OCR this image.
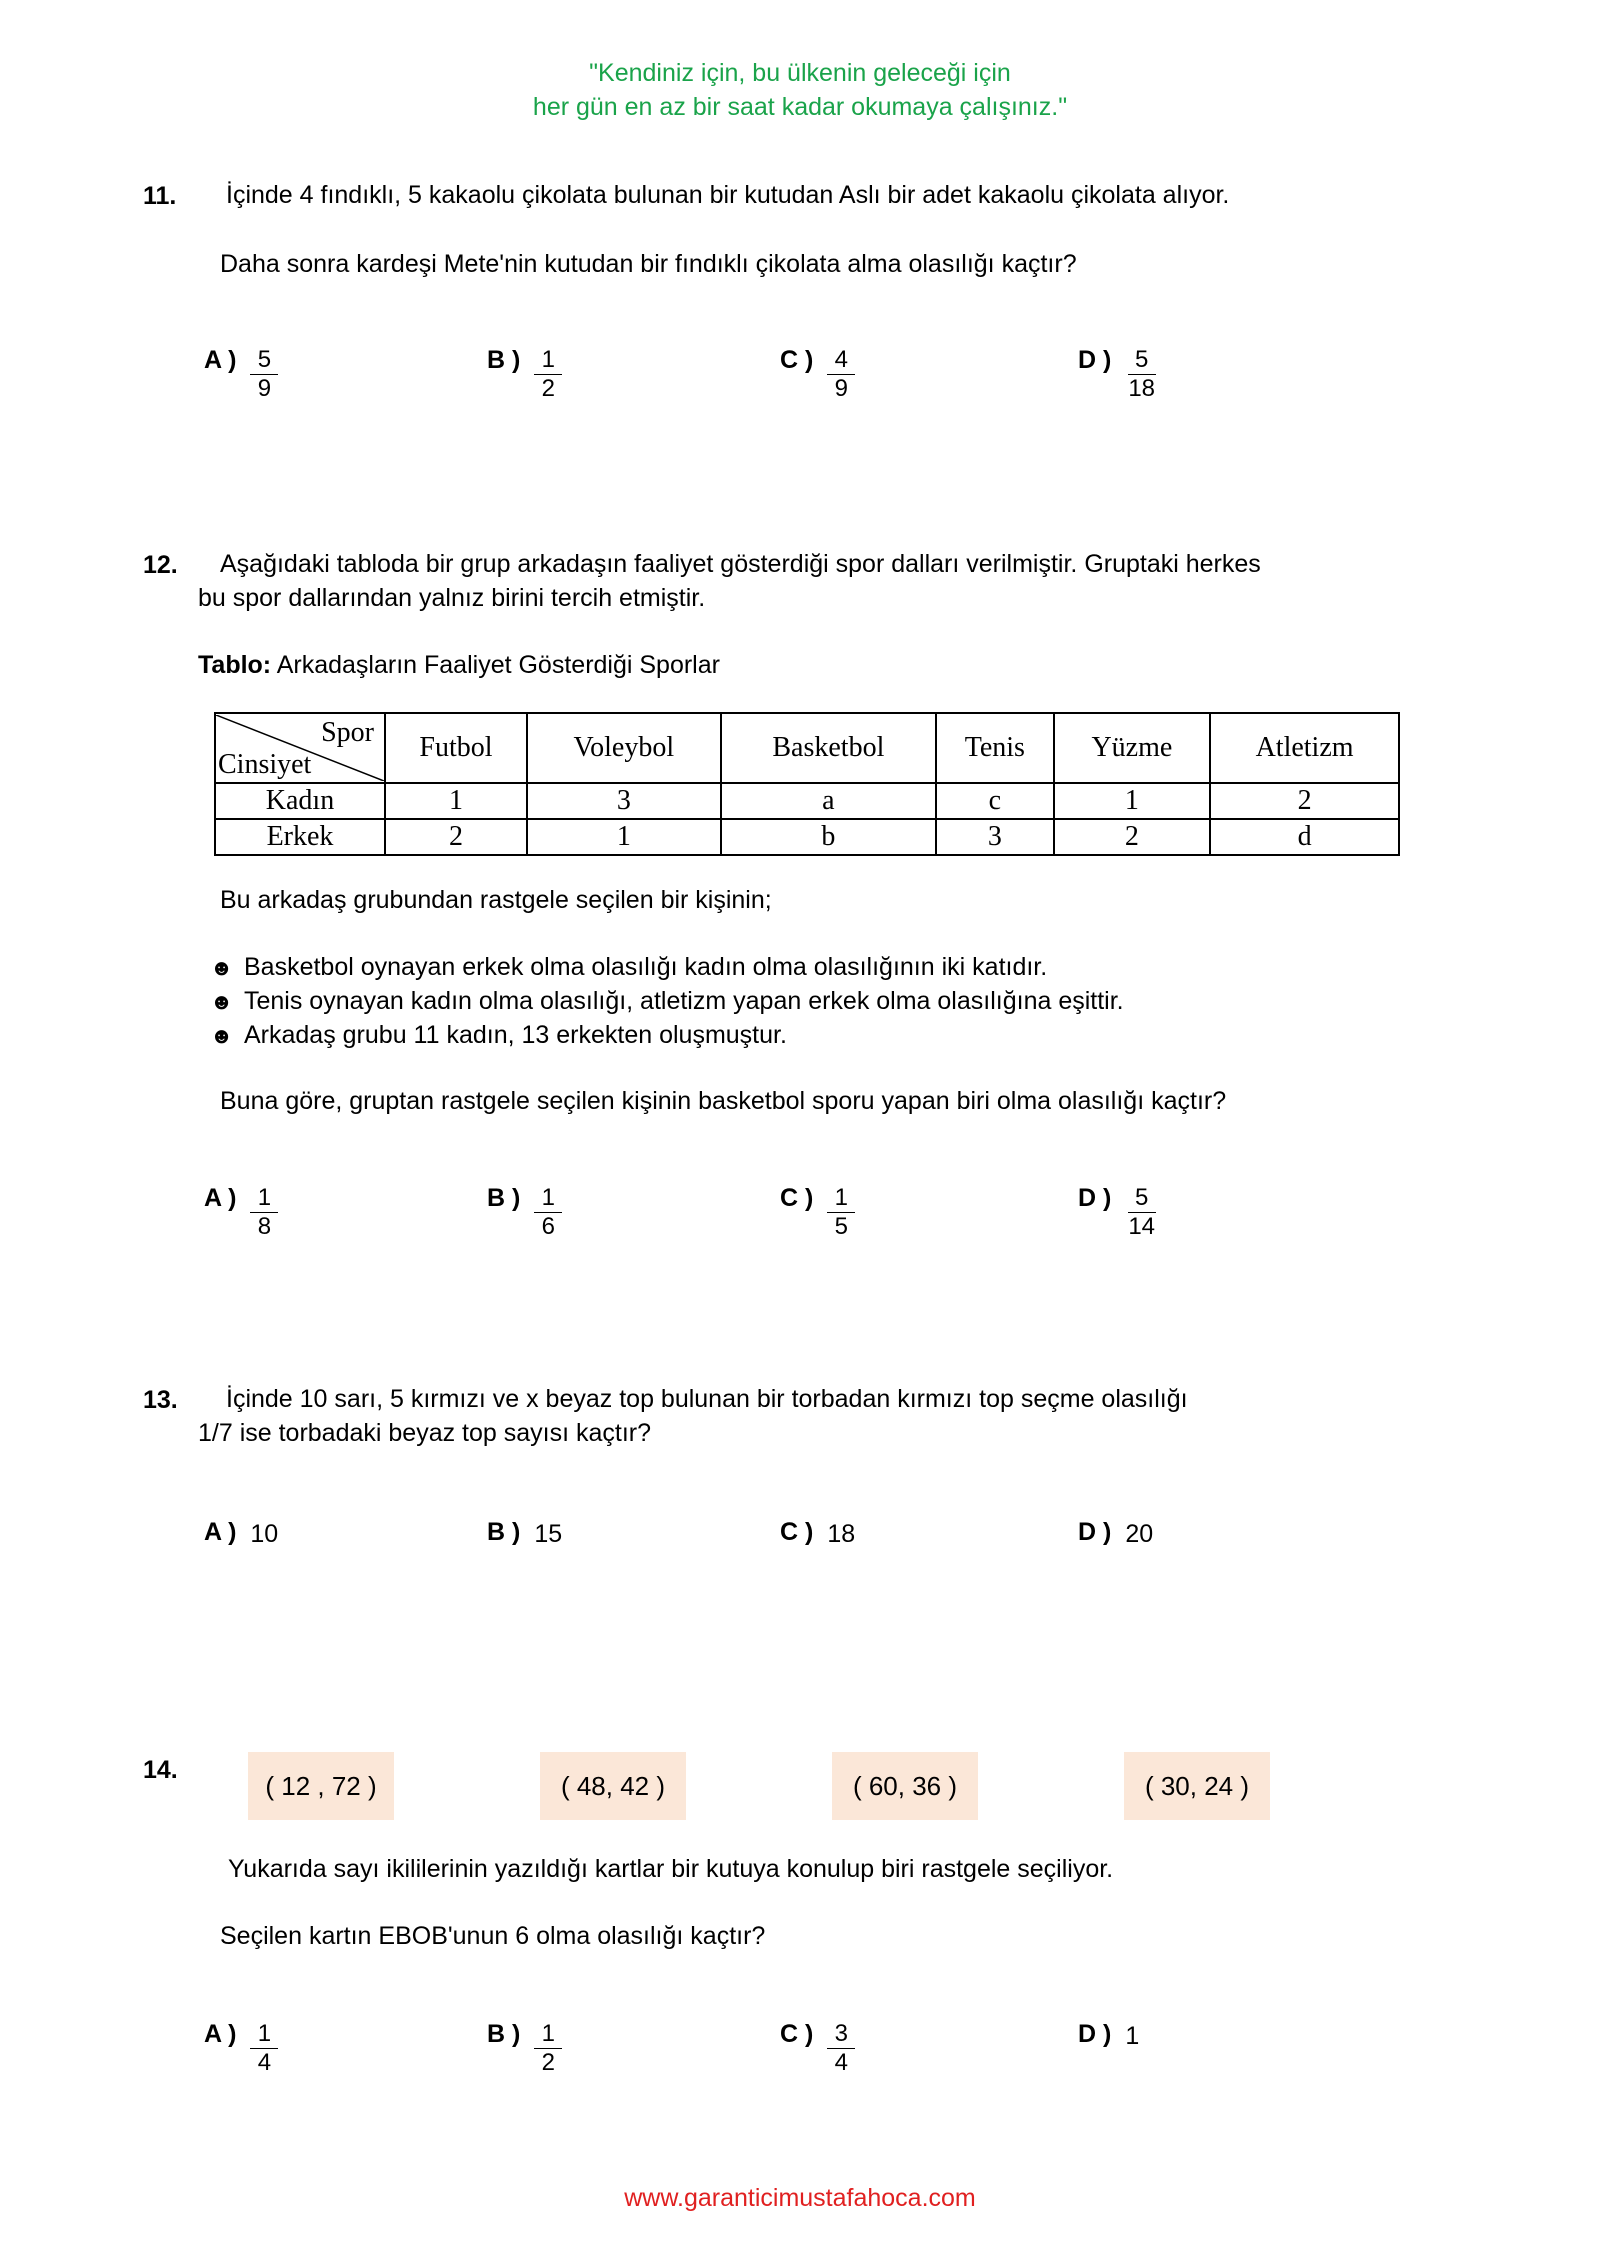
"Kendiniz için, bu ülkenin geleceği için
her gün en az bir saat kadar okumaya çalışınız."
11. İçinde 4 fındıklı, 5 kakaolu çikolata bulunan bir kutudan Aslı bir adet kakaolu çikolata alıyor.
Daha sonra kardeşi Mete'nin kutudan bir fındıklı çikolata alma olasılığı kaçtır?
A ) $\frac{5}{9}$	B ) $\frac{1}{2}$	C ) $\frac{4}{9}$	D ) $\frac{5}{18}$
12. Aşağıdaki tabloda bir grup arkadaşın faaliyet gösterdiği spor dalları verilmiştir. Gruptaki herkes
bu spor dallarından yalnız birini tercih etmiştir.
Tablo: Arkadaşların Faaliyet Gösterdiği Sporlar
Spor
Cinsiyet	Futbol	Voleybol	Basketbol	Tenis	Yüzme	Atletizm
Kadın	1	3	a	c	1	2
Erkek	2	1	b	3	2	d
Bu arkadaş grubundan rastgele seçilen bir kişinin;
☻ Basketbol oynayan erkek olma olasılığı kadın olma olasılığının iki katıdır.
☻ Tenis oynayan kadın olma olasılığı, atletizm yapan erkek olma olasılığına eşittir.
☻ Arkadaş grubu 11 kadın, 13 erkekten oluşmuştur.
Buna göre, gruptan rastgele seçilen kişinin basketbol sporu yapan biri olma olasılığı kaçtır?
A ) $\frac{1}{8}$	B ) $\frac{1}{6}$	C ) $\frac{1}{5}$	D ) $\frac{5}{14}$
13. İçinde 10 sarı, 5 kırmızı ve x beyaz top bulunan bir torbadan kırmızı top seçme olasılığı
1/7 ise torbadaki beyaz top sayısı kaçtır?
A ) 10	B ) 15	C ) 18	D ) 20
14.
( 12 , 72 )	( 48, 42 )	( 60, 36 )	( 30, 24 )
Yukarıda sayı ikililerinin yazıldığı kartlar bir kutuya konulup biri rastgele seçiliyor.
Seçilen kartın EBOB'unun 6 olma olasılığı kaçtır?
A ) $\frac{1}{4}$	B ) $\frac{1}{2}$	C ) $\frac{3}{4}$	D ) 1
www.garanticimustafahoca.com
